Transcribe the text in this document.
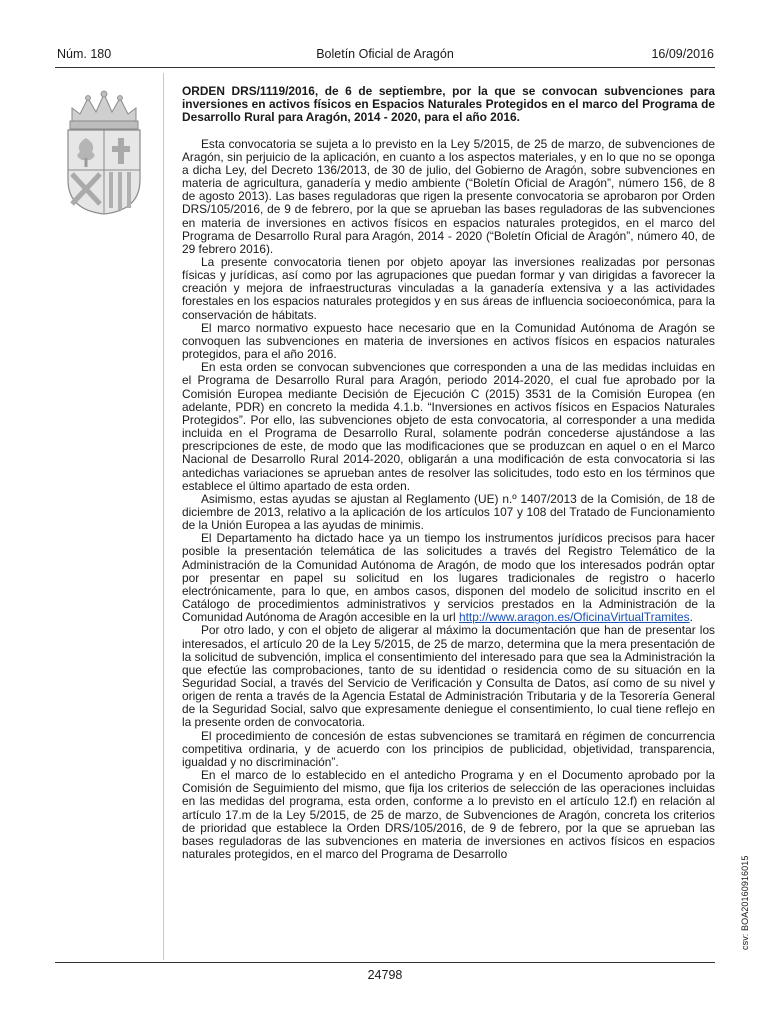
Núm. 180	Boletín Oficial de Aragón	16/09/2016

ORDEN DRS/1119/2016, de 6 de septiembre, por la que se convocan subvenciones para inversiones en activos físicos en Espacios Naturales Protegidos en el marco del Programa de Desarrollo Rural para Aragón, 2014 - 2020, para el año 2016.

Esta convocatoria se sujeta a lo previsto en la Ley 5/2015, de 25 de marzo, de subvenciones de Aragón, sin perjuicio de la aplicación, en cuanto a los aspectos materiales, y en lo que no se oponga a dicha Ley, del Decreto 136/2013, de 30 de julio, del Gobierno de Aragón, sobre subvenciones en materia de agricultura, ganadería y medio ambiente (“Boletín Oficial de Aragón”, número 156, de 8 de agosto 2013). Las bases reguladoras que rigen la presente convocatoria se aprobaron por Orden DRS/105/2016, de 9 de febrero, por la que se aprueban las bases reguladoras de las subvenciones en materia de inversiones en activos físicos en espacios naturales protegidos, en el marco del Programa de Desarrollo Rural para Aragón, 2014 - 2020 (“Boletín Oficial de Aragón”, número 40, de 29 febrero 2016).

La presente convocatoria tienen por objeto apoyar las inversiones realizadas por personas físicas y jurídicas, así como por las agrupaciones que puedan formar y van dirigidas a favorecer la creación y mejora de infraestructuras vinculadas a la ganadería extensiva y a las actividades forestales en los espacios naturales protegidos y en sus áreas de influencia socioeconómica, para la conservación de hábitats.

El marco normativo expuesto hace necesario que en la Comunidad Autónoma de Aragón se convoquen las subvenciones en materia de inversiones en activos físicos en espacios naturales protegidos, para el año 2016.

En esta orden se convocan subvenciones que corresponden a una de las medidas incluidas en el Programa de Desarrollo Rural para Aragón, periodo 2014-2020, el cual fue aprobado por la Comisión Europea mediante Decisión de Ejecución C (2015) 3531 de la Comisión Europea (en adelante, PDR) en concreto la medida 4.1.b. “Inversiones en activos físicos en Espacios Naturales Protegidos”. Por ello, las subvenciones objeto de esta convocatoria, al corresponder a una medida incluida en el Programa de Desarrollo Rural, solamente podrán concederse ajustándose a las prescripciones de este, de modo que las modificaciones que se produzcan en aquel o en el Marco Nacional de Desarrollo Rural 2014-2020, obligarán a una modificación de esta convocatoria si las antedichas variaciones se aprueban antes de resolver las solicitudes, todo esto en los términos que establece el último apartado de esta orden.

Asimismo, estas ayudas se ajustan al Reglamento (UE) n.º 1407/2013 de la Comisión, de 18 de diciembre de 2013, relativo a la aplicación de los artículos 107 y 108 del Tratado de Funcionamiento de la Unión Europea a las ayudas de minimis.

El Departamento ha dictado hace ya un tiempo los instrumentos jurídicos precisos para hacer posible la presentación telemática de las solicitudes a través del Registro Telemático de la Administración de la Comunidad Autónoma de Aragón, de modo que los interesados podrán optar por presentar en papel su solicitud en los lugares tradicionales de registro o hacerlo electrónicamente, para lo que, en ambos casos, disponen del modelo de solicitud inscrito en el Catálogo de procedimientos administrativos y servicios prestados en la Administración de la Comunidad Autónoma de Aragón accesible en la url http://www.aragon.es/OficinaVirtualTramites.

Por otro lado, y con el objeto de aligerar al máximo la documentación que han de presentar los interesados, el artículo 20 de la Ley 5/2015, de 25 de marzo, determina que la mera presentación de la solicitud de subvención, implica el consentimiento del interesado para que sea la Administración la que efectúe las comprobaciones, tanto de su identidad o residencia como de su situación en la Seguridad Social, a través del Servicio de Verificación y Consulta de Datos, así como de su nivel y origen de renta a través de la Agencia Estatal de Administración Tributaria y de la Tesorería General de la Seguridad Social, salvo que expresamente deniegue el consentimiento, lo cual tiene reflejo en la presente orden de convocatoria.

El procedimiento de concesión de estas subvenciones se tramitará en régimen de concurrencia competitiva ordinaria, y de acuerdo con los principios de publicidad, objetividad, transparencia, igualdad y no discriminación”.

En el marco de lo establecido en el antedicho Programa y en el Documento aprobado por la Comisión de Seguimiento del mismo, que fija los criterios de selección de las operaciones incluidas en las medidas del programa, esta orden, conforme a lo previsto en el artículo 12.f) en relación al artículo 17.m de la Ley 5/2015, de 25 de marzo, de Subvenciones de Aragón, concreta los criterios de prioridad que establece la Orden DRS/105/2016, de 9 de febrero, por la que se aprueban las bases reguladoras de las subvenciones en materia de inversiones en activos físicos en espacios naturales protegidos, en el marco del Programa de Desarrollo

csv: BOA20160916015
24798
